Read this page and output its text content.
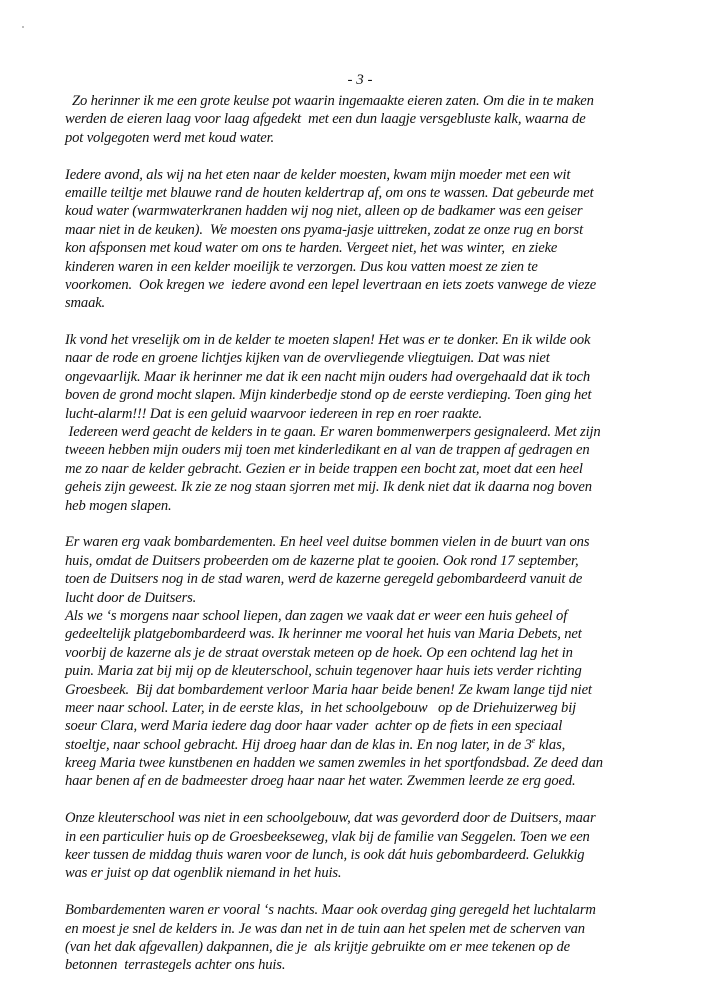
- 3 -

Zo herinner ik me een grote keulse pot waarin ingemaakte eieren zaten. Om die in te maken
werden de eieren laag voor laag afgedekt  met een dun laagje versgebluste kalk, waarna de
pot volgegoten werd met koud water.

Iedere avond, als wij na het eten naar de kelder moesten, kwam mijn moeder met een wit
emaille teiltje met blauwe rand de houten keldertrap af, om ons te wassen. Dat gebeurde met
koud water (warmwaterkranen hadden wij nog niet, alleen op de badkamer was een geiser
maar niet in de keuken).  We moesten ons pyama-jasje uittreken, zodat ze onze rug en borst
kon afsponsen met koud water om ons te harden. Vergeet niet, het was winter,  en zieke
kinderen waren in een kelder moeilijk te verzorgen. Dus kou vatten moest ze zien te
voorkomen.  Ook kregen we  iedere avond een lepel levertraan en iets zoets vanwege de vieze
smaak.

Ik vond het vreselijk om in de kelder te moeten slapen! Het was er te donker. En ik wilde ook
naar de rode en groene lichtjes kijken van de overvliegende vliegtuigen. Dat was niet
ongevaarlijk. Maar ik herinner me dat ik een nacht mijn ouders had overgehaald dat ik toch
boven de grond mocht slapen. Mijn kinderbedje stond op de eerste verdieping. Toen ging het
lucht-alarm!!! Dat is een geluid waarvoor iedereen in rep en roer raakte.
Iedereen werd geacht de kelders in te gaan. Er waren bommenwerpers gesignaleerd. Met zijn
tweeen hebben mijn ouders mij toen met kinderledikant en al van de trappen af gedragen en
me zo naar de kelder gebracht. Gezien er in beide trappen een bocht zat, moet dat een heel
geheis zijn geweest. Ik zie ze nog staan sjorren met mij. Ik denk niet dat ik daarna nog boven
heb mogen slapen.

Er waren erg vaak bombardementen. En heel veel duitse bommen vielen in de buurt van ons
huis, omdat de Duitsers probeerden om de kazerne plat te gooien. Ook rond 17 september,
toen de Duitsers nog in de stad waren, werd de kazerne geregeld gebombardeerd vanuit de
lucht door de Duitsers.
Als we ‘s morgens naar school liepen, dan zagen we vaak dat er weer een huis geheel of
gedeeltelijk platgebombardeerd was. Ik herinner me vooral het huis van Maria Debets, net
voorbij de kazerne als je de straat overstak meteen op de hoek. Op een ochtend lag het in
puin. Maria zat bij mij op de kleuterschool, schuin tegenover haar huis iets verder richting
Groesbeek.  Bij dat bombardement verloor Maria haar beide benen! Ze kwam lange tijd niet
meer naar school. Later, in de eerste klas,  in het schoolgebouw   op de Driehuizerweg bij
soeur Clara, werd Maria iedere dag door haar vader  achter op de fiets in een speciaal
stoeltje, naar school gebracht. Hij droeg haar dan de klas in. En nog later, in de 3e klas,
kreeg Maria twee kunstbenen en hadden we samen zwemles in het sportfondsbad. Ze deed dan
haar benen af en de badmeester droeg haar naar het water. Zwemmen leerde ze erg goed.

Onze kleuterschool was niet in een schoolgebouw, dat was gevorderd door de Duitsers, maar
in een particulier huis op de Groesbeekseweg, vlak bij de familie van Seggelen. Toen we een
keer tussen de middag thuis waren voor de lunch, is ook dát huis gebombardeerd. Gelukkig
was er juist op dat ogenblik niemand in het huis.

Bombardementen waren er vooral ‘s nachts. Maar ook overdag ging geregeld het luchtalarm
en moest je snel de kelders in. Je was dan net in de tuin aan het spelen met de scherven van
(van het dak afgevallen) dakpannen, die je  als krijtje gebruikte om er mee tekenen op de
betonnen  terrastegels achter ons huis.
